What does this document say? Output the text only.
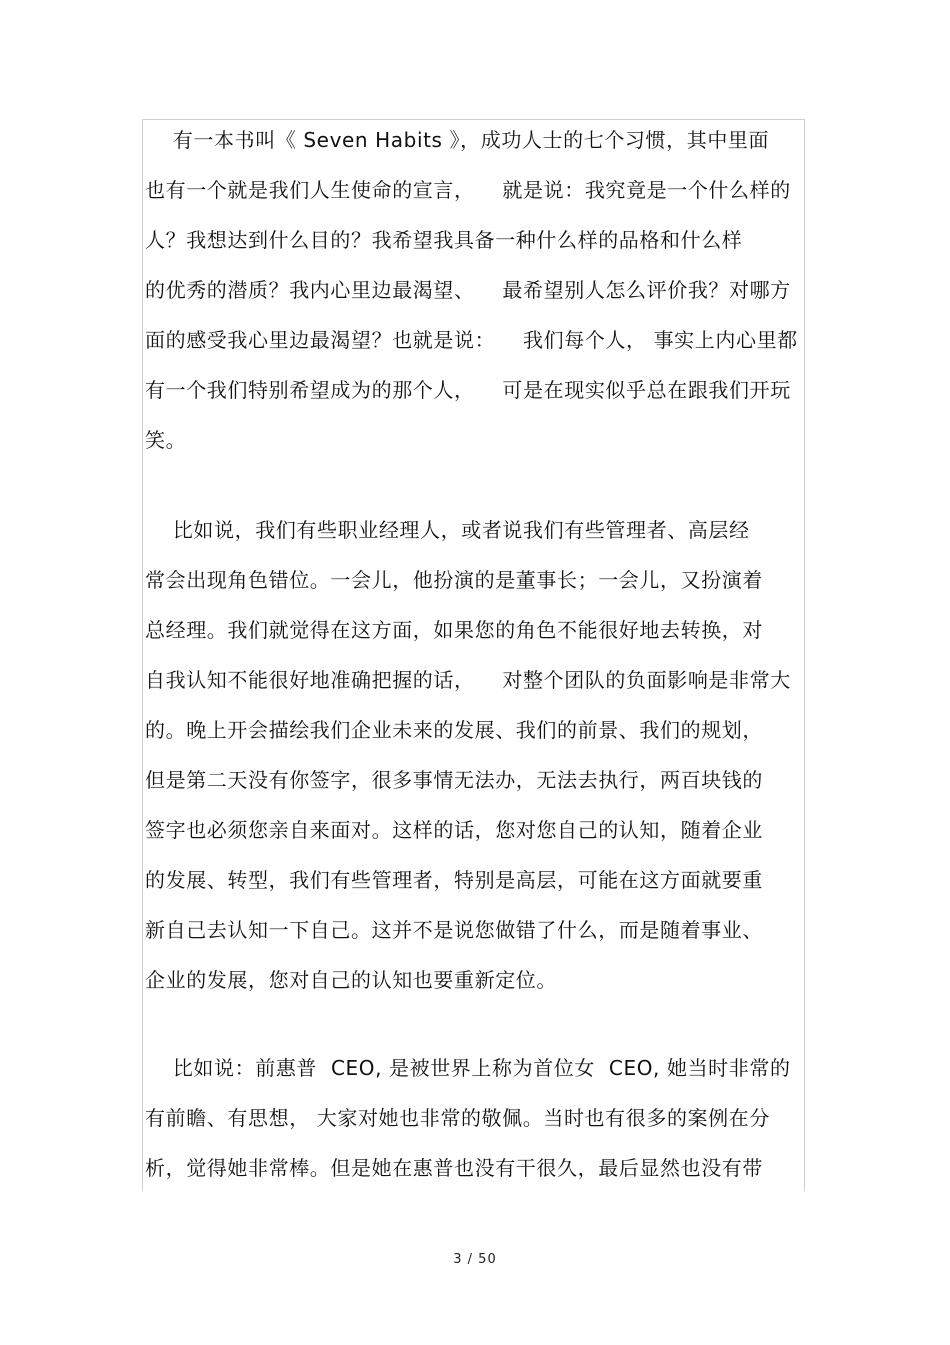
有一本书叫《 Seven Habits 》，成功人士的七个习惯，其中里面
也有一个就是我们人生使命的宣言，    就是说：我究竟是一个什么样的
人？我想达到什么目的？我希望我具备一种什么样的品格和什么样
的优秀的潜质？我内心里边最渴望、    最希望别人怎么评价我？对哪方
面的感受我心里边最渴望？也就是说：    我们每个人， 事实上内心里都
有一个我们特别希望成为的那个人，    可是在现实似乎总在跟我们开玩
笑。
比如说，我们有些职业经理人，或者说我们有些管理者、高层经
常会出现角色错位。一会儿，他扮演的是董事长；一会儿，又扮演着
总经理。我们就觉得在这方面，如果您的角色不能很好地去转换，对
自我认知不能很好地准确把握的话，    对整个团队的负面影响是非常大
的。晚上开会描绘我们企业未来的发展、我们的前景、我们的规划，
但是第二天没有你签字，很多事情无法办，无法去执行，两百块钱的
签字也必须您亲自来面对。这样的话，您对您自己的认知，随着企业
的发展、转型，我们有些管理者，特别是高层，可能在这方面就要重
新自己去认知一下自己。这并不是说您做错了什么，而是随着事业、
企业的发展，您对自己的认知也要重新定位。
比如说：前惠普  CEO, 是被世界上称为首位女  CEO, 她当时非常的
有前瞻、有思想， 大家对她也非常的敬佩。当时也有很多的案例在分
析，觉得她非常棒。但是她在惠普也没有干很久，最后显然也没有带
3 / 50
